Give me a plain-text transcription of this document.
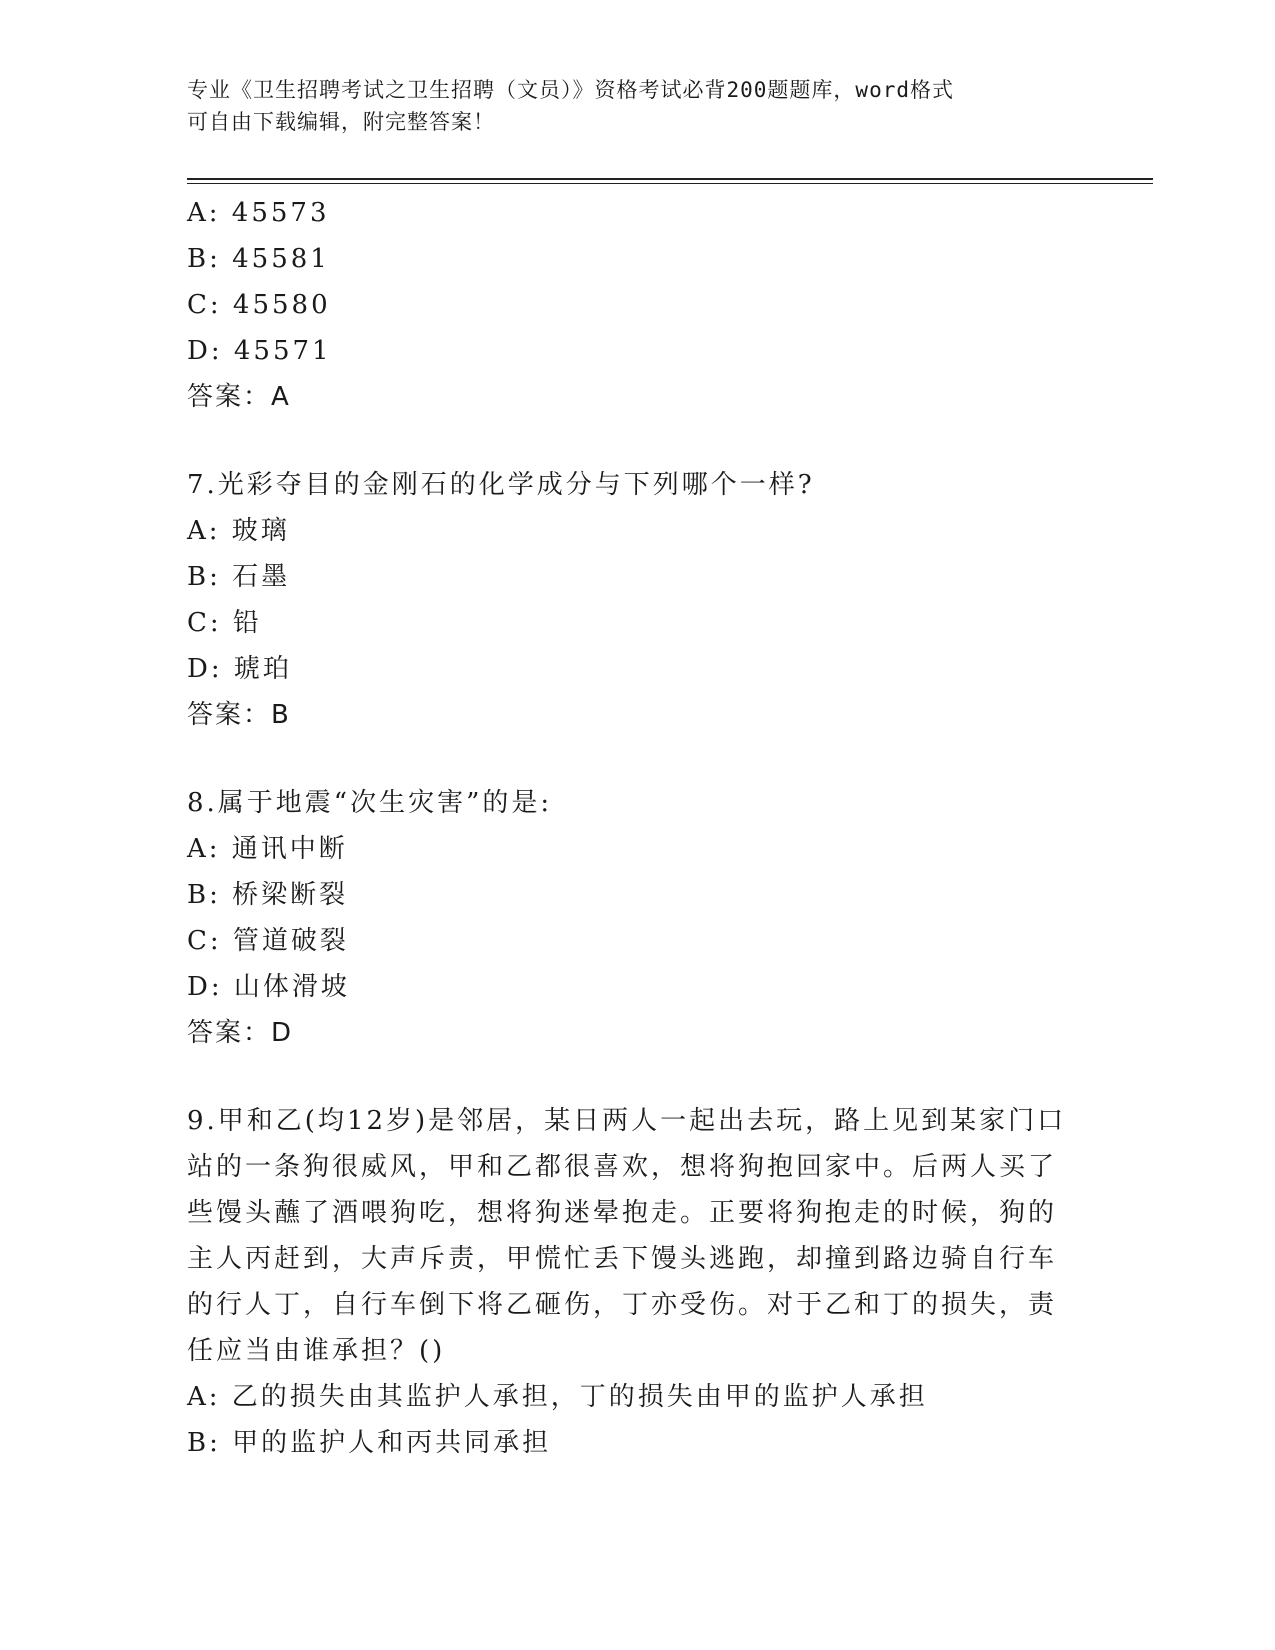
专业《卫生招聘考试之卫生招聘（文员）》资格考试必背200题题库，word格式
可自由下载编辑，附完整答案！
A: 45573
B: 45581
C: 45580
D: 45571
答案：A
7.光彩夺目的金刚石的化学成分与下列哪个一样?
A: 玻璃
B: 石墨
C: 铅
D: 琥珀
答案：B
8.属于地震“次生灾害”的是:
A: 通讯中断
B: 桥梁断裂
C: 管道破裂
D: 山体滑坡
答案：D
9.甲和乙(均12岁)是邻居，某日两人一起出去玩，路上见到某家门口
站的一条狗很威风，甲和乙都很喜欢，想将狗抱回家中。后两人买了
些馒头蘸了酒喂狗吃，想将狗迷晕抱走。正要将狗抱走的时候，狗的
主人丙赶到，大声斥责，甲慌忙丢下馒头逃跑，却撞到路边骑自行车
的行人丁，自行车倒下将乙砸伤，丁亦受伤。对于乙和丁的损失，责
任应当由谁承担？()
A: 乙的损失由其监护人承担，丁的损失由甲的监护人承担
B: 甲的监护人和丙共同承担
